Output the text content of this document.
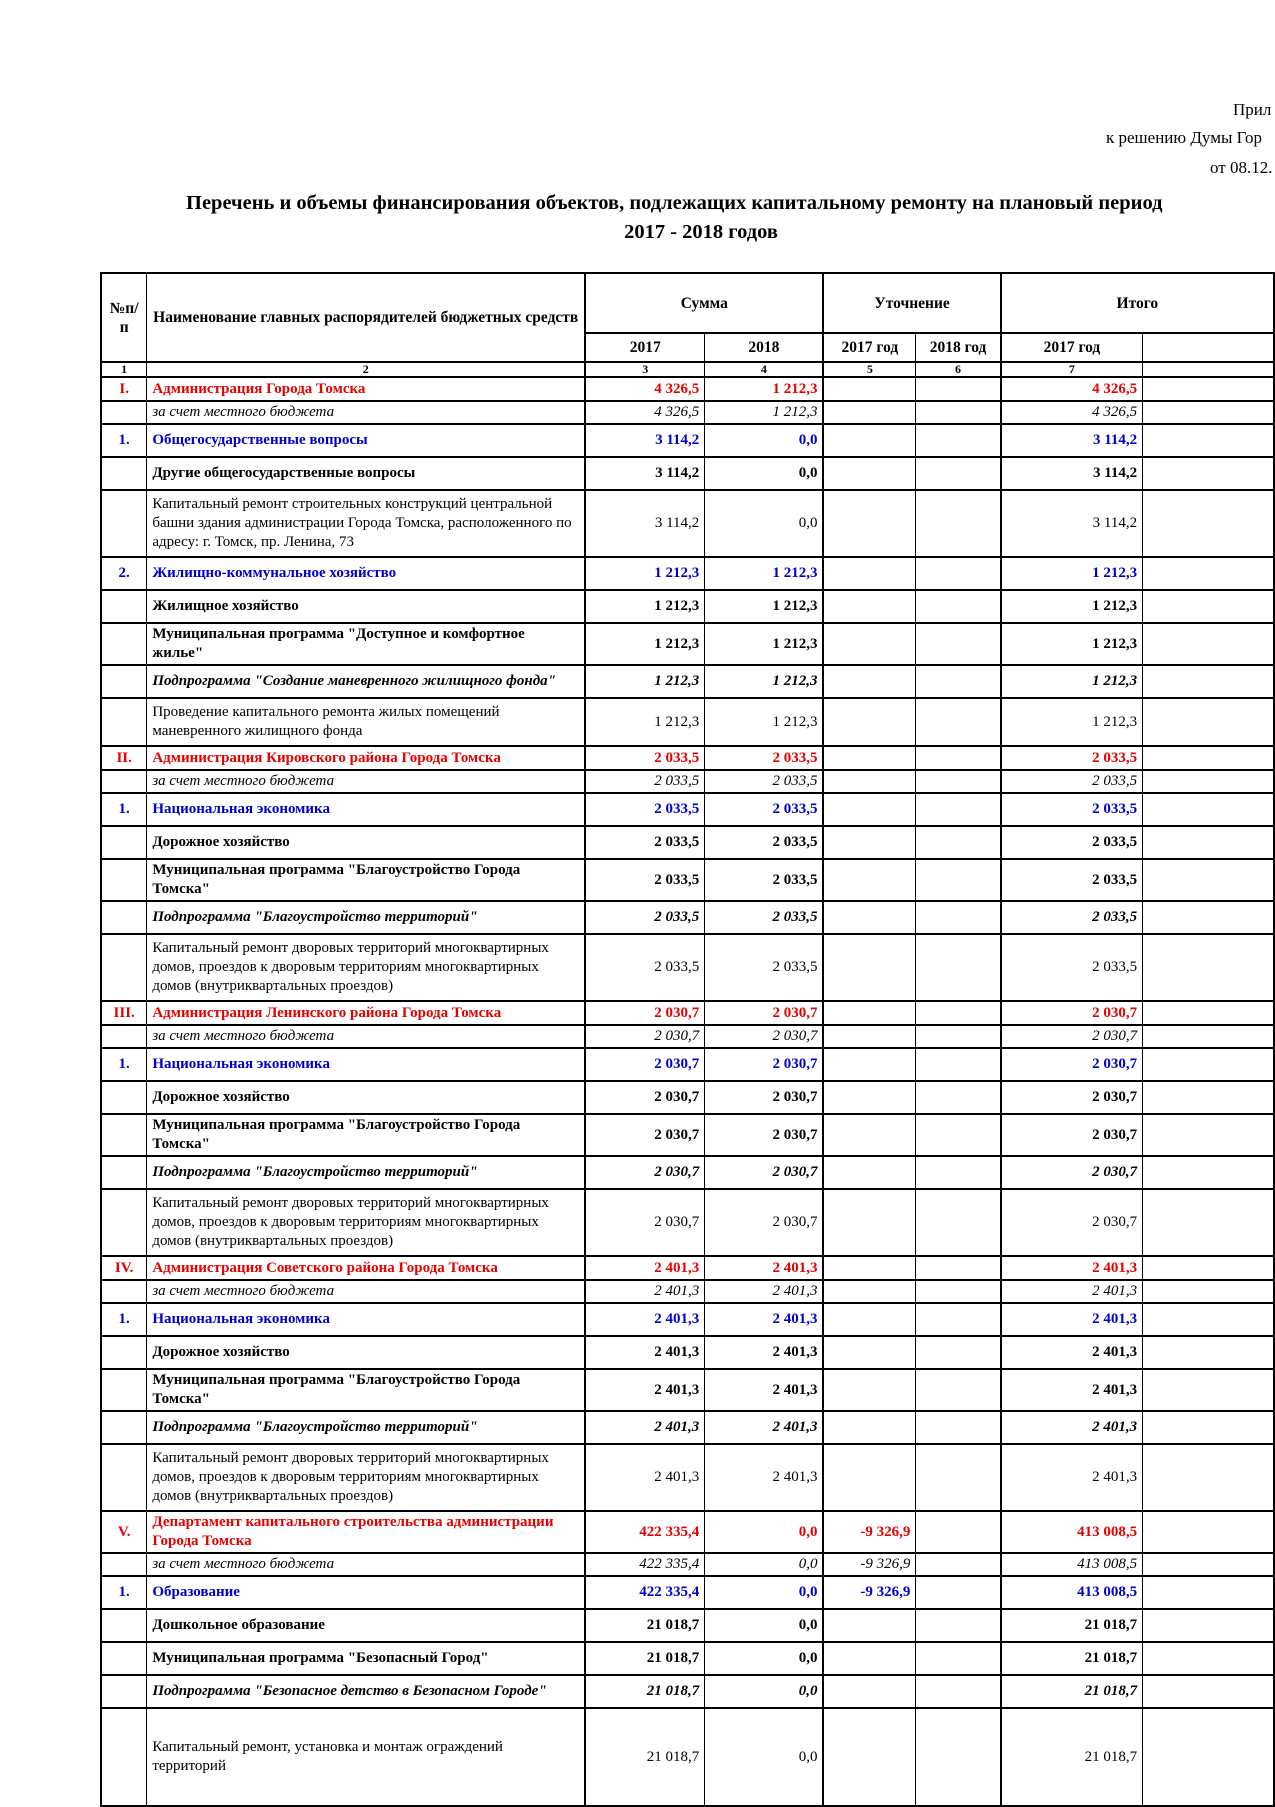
Прил
к решению Думы Гор
от 08.12.
Перечень и объемы финансирования объектов, подлежащих капитальному ремонту на плановый период
2017 - 2018 годов
№п/п	Наименование главных распорядителей бюджетных средств	Сумма		Уточнение		Итого	
		2017	2018	2017 год	2018 год	2017 год	
1	2	3	4	5	6	7	
I.	Администрация Города Томска	4 326,5	1 212,3			4 326,5	
	за счет местного бюджета	4 326,5	1 212,3			4 326,5	
1.	Общегосударственные вопросы	3 114,2	0,0			3 114,2	
	Другие общегосударственные вопросы	3 114,2	0,0			3 114,2	
	Капитальный ремонт строительных конструкций центральной башни здания администрации Города Томска, расположенного по адресу: г. Томск, пр. Ленина, 73	3 114,2	0,0			3 114,2	
2.	Жилищно-коммунальное хозяйство	1 212,3	1 212,3			1 212,3	
	Жилищное хозяйство	1 212,3	1 212,3			1 212,3	
	Муниципальная программа "Доступное и комфортное жилье"	1 212,3	1 212,3			1 212,3	
	Подпрограмма "Создание маневренного жилищного фонда"	1 212,3	1 212,3			1 212,3	
	Проведение капитального ремонта жилых помещений маневренного жилищного фонда	1 212,3	1 212,3			1 212,3	
II.	Администрация Кировского района Города Томска	2 033,5	2 033,5			2 033,5	
	за счет местного бюджета	2 033,5	2 033,5			2 033,5	
1.	Национальная экономика	2 033,5	2 033,5			2 033,5	
	Дорожное хозяйство	2 033,5	2 033,5			2 033,5	
	Муниципальная программа "Благоустройство Города Томска"	2 033,5	2 033,5			2 033,5	
	Подпрограмма "Благоустройство территорий"	2 033,5	2 033,5			2 033,5	
	Капитальный ремонт дворовых территорий многоквартирных домов, проездов к дворовым территориям многоквартирных домов (внутриквартальных проездов)	2 033,5	2 033,5			2 033,5	
III.	Администрация Ленинского района Города Томска	2 030,7	2 030,7			2 030,7	
	за счет местного бюджета	2 030,7	2 030,7			2 030,7	
1.	Национальная экономика	2 030,7	2 030,7			2 030,7	
	Дорожное хозяйство	2 030,7	2 030,7			2 030,7	
	Муниципальная программа "Благоустройство Города Томска"	2 030,7	2 030,7			2 030,7	
	Подпрограмма "Благоустройство территорий"	2 030,7	2 030,7			2 030,7	
	Капитальный ремонт дворовых территорий многоквартирных домов, проездов к дворовым территориям многоквартирных домов (внутриквартальных проездов)	2 030,7	2 030,7			2 030,7	
IV.	Администрация Советского района Города Томска	2 401,3	2 401,3			2 401,3	
	за счет местного бюджета	2 401,3	2 401,3			2 401,3	
1.	Национальная экономика	2 401,3	2 401,3			2 401,3	
	Дорожное хозяйство	2 401,3	2 401,3			2 401,3	
	Муниципальная программа "Благоустройство Города Томска"	2 401,3	2 401,3			2 401,3	
	Подпрограмма "Благоустройство территорий"	2 401,3	2 401,3			2 401,3	
	Капитальный ремонт дворовых территорий многоквартирных домов, проездов к дворовым территориям многоквартирных домов (внутриквартальных проездов)	2 401,3	2 401,3			2 401,3	
V.	Департамент капитального строительства администрации Города Томска	422 335,4	0,0	-9 326,9		413 008,5	
	за счет местного бюджета	422 335,4	0,0	-9 326,9		413 008,5	
1.	Образование	422 335,4	0,0	-9 326,9		413 008,5	
	Дошкольное образование	21 018,7	0,0			21 018,7	
	Муниципальная программа "Безопасный Город"	21 018,7	0,0			21 018,7	
	Подпрограмма "Безопасное детство в Безопасном Городе"	21 018,7	0,0			21 018,7	
	Капитальный ремонт, установка и монтаж ограждений территорий	21 018,7	0,0			21 018,7	
